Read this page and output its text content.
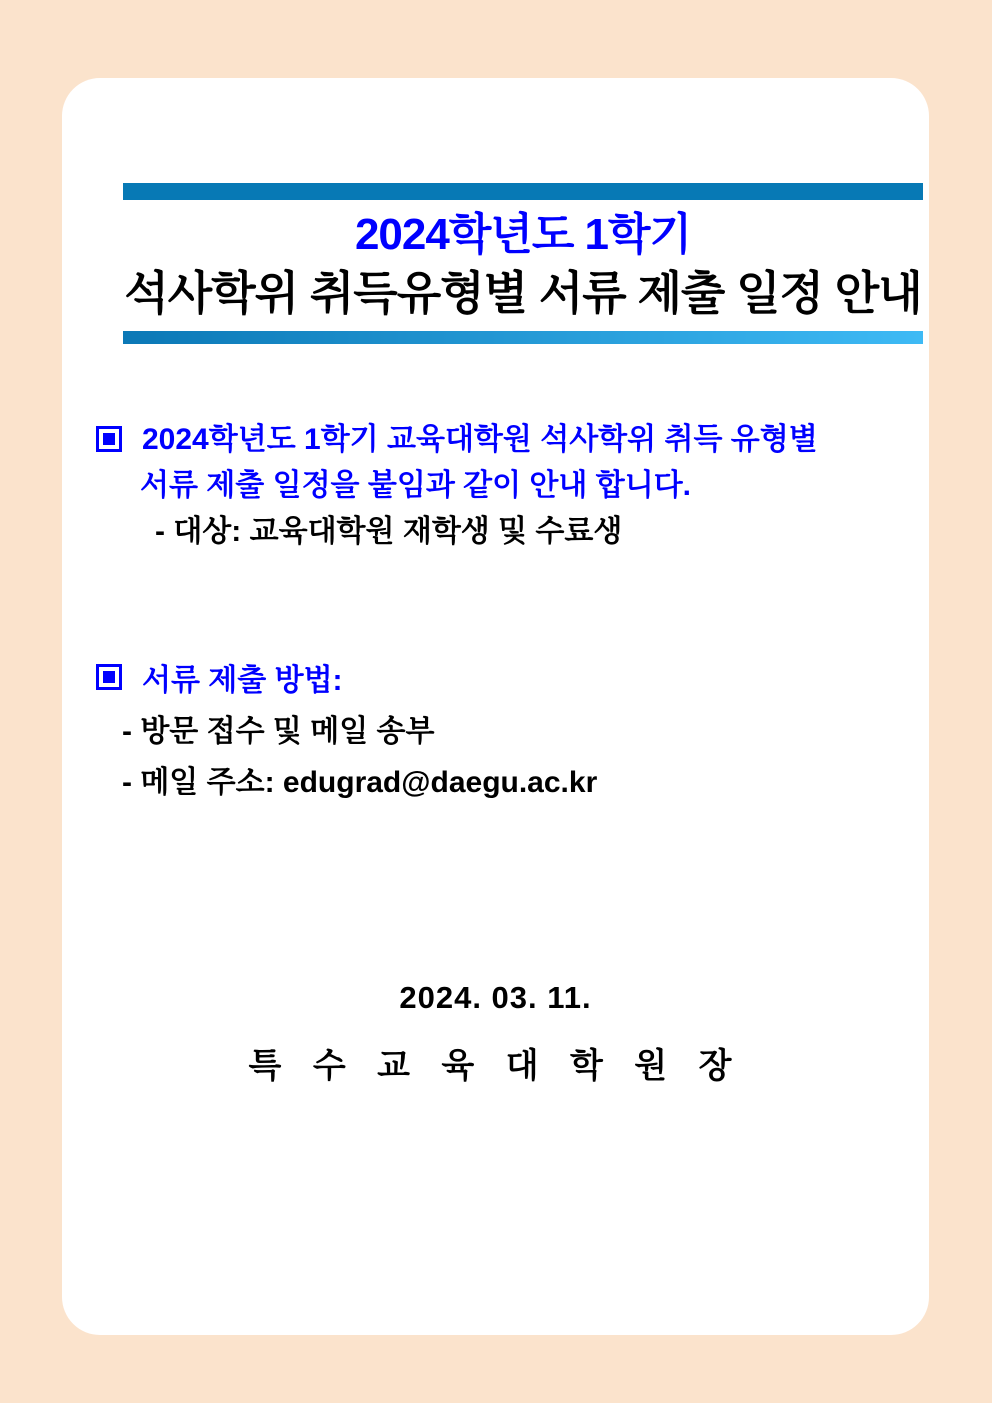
2024학년도 1학기
석사학위 취득유형별 서류 제출 일정 안내
2024학년도 1학기 교육대학원 석사학위 취득 유형별
서류 제출 일정을 붙임과 같이 안내 합니다.
- 대상: 교육대학원 재학생 및 수료생
서류 제출 방법:
- 방문 접수 및 메일 송부
- 메일 주소: edugrad@daegu.ac.kr
2024. 03. 11.
특 수 교 육 대 학 원 장
